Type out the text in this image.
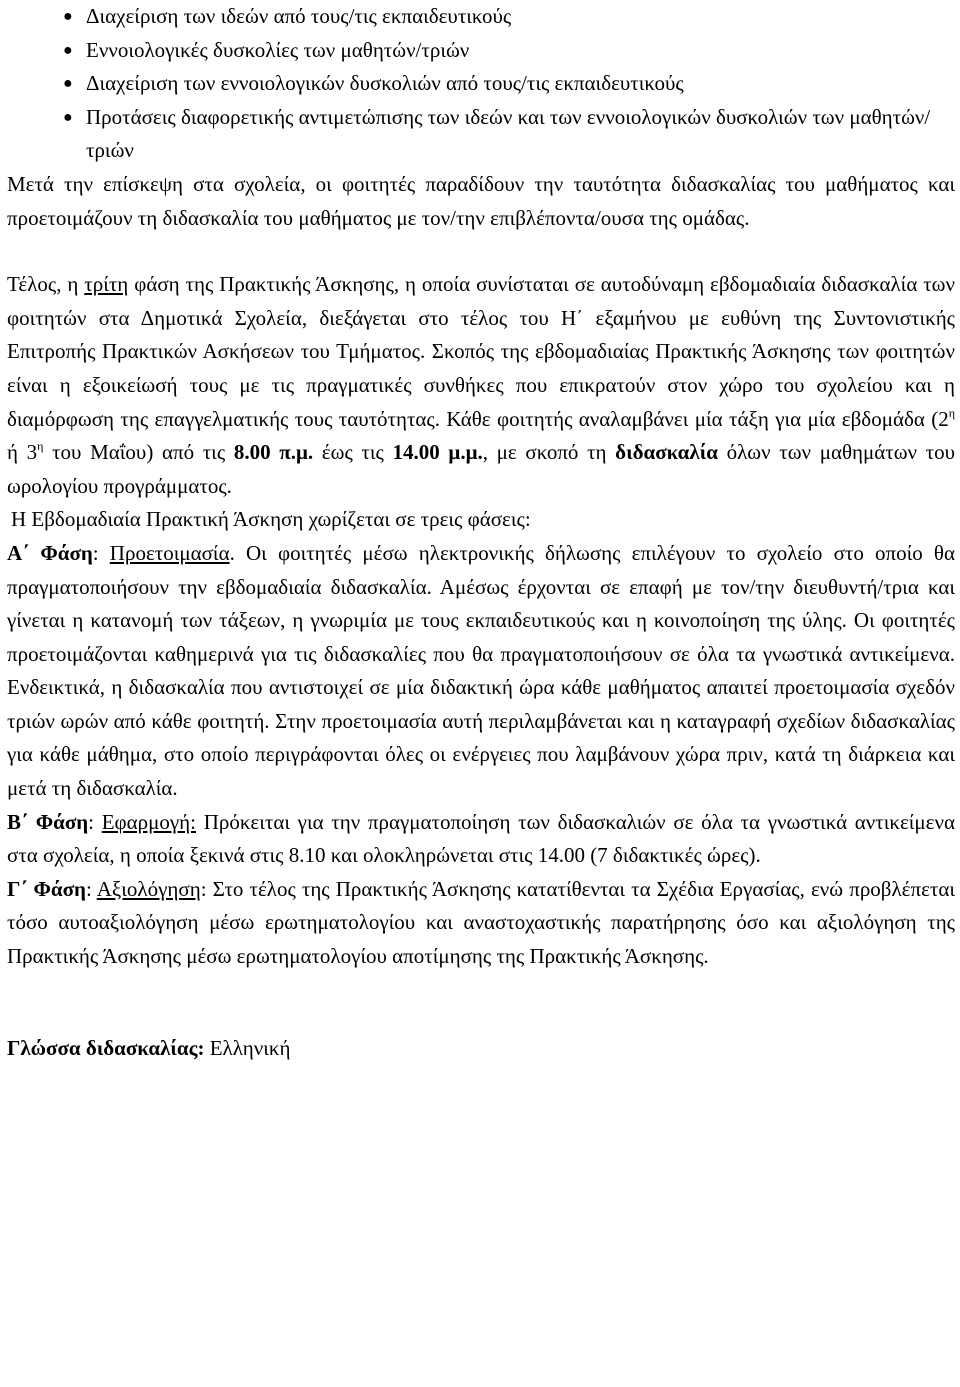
● Διαχείριση των ιδεών από τους/τις εκπαιδευτικούς
● Εννοιολογικές δυσκολίες των μαθητών/τριών
● Διαχείριση των εννοιολογικών δυσκολιών από τους/τις εκπαιδευτικούς
● Προτάσεις διαφορετικής αντιμετώπισης των ιδεών και των εννοιολογικών δυσκολιών των μαθητών/τριών

Μετά την επίσκεψη στα σχολεία, οι φοιτητές παραδίδουν την ταυτότητα διδασκαλίας του μαθήματος και προετοιμάζουν τη διδασκαλία του μαθήματος με τον/την επιβλέποντα/ουσα της ομάδας.

Τέλος, η τρίτη φάση της Πρακτικής Άσκησης, η οποία συνίσταται σε αυτοδύναμη εβδομαδιαία διδασκαλία των φοιτητών στα Δημοτικά Σχολεία, διεξάγεται στο τέλος του Η΄ εξαμήνου με ευθύνη της Συντονιστικής Επιτροπής Πρακτικών Ασκήσεων του Τμήματος. Σκοπός της εβδομαδιαίας Πρακτικής Άσκησης των φοιτητών είναι η εξοικείωσή τους με τις πραγματικές συνθήκες που επικρατούν στον χώρο του σχολείου και η διαμόρφωση της επαγγελματικής τους ταυτότητας. Κάθε φοιτητής αναλαμβάνει μία τάξη για μία εβδομάδα ($2^\eta$ ή $3^\eta$ του Μαΐου) από τις 8.00 π.μ. έως τις 14.00 μ.μ., με σκοπό τη διδασκαλία όλων των μαθημάτων του ωρολογίου προγράμματος.

Η Εβδομαδιαία Πρακτική Άσκηση χωρίζεται σε τρεις φάσεις:

Α΄ Φάση: Προετοιμασία. Οι φοιτητές μέσω ηλεκτρονικής δήλωσης επιλέγουν το σχολείο στο οποίο θα πραγματοποιήσουν την εβδομαδιαία διδασκαλία. Αμέσως έρχονται σε επαφή με τον/την διευθυντή/τρια και γίνεται η κατανομή των τάξεων, η γνωριμία με τους εκπαιδευτικούς και η κοινοποίηση της ύλης. Οι φοιτητές προετοιμάζονται καθημερινά για τις διδασκαλίες που θα πραγματοποιήσουν σε όλα τα γνωστικά αντικείμενα. Ενδεικτικά, η διδασκαλία που αντιστοιχεί σε μία διδακτική ώρα κάθε μαθήματος απαιτεί προετοιμασία σχεδόν τριών ωρών από κάθε φοιτητή. Στην προετοιμασία αυτή περιλαμβάνεται και η καταγραφή σχεδίων διδασκαλίας για κάθε μάθημα, στο οποίο περιγράφονται όλες οι ενέργειες που λαμβάνουν χώρα πριν, κατά τη διάρκεια και μετά τη διδασκαλία.

Β΄ Φάση: Εφαρμογή: Πρόκειται για την πραγματοποίηση των διδασκαλιών σε όλα τα γνωστικά αντικείμενα στα σχολεία, η οποία ξεκινά στις 8.10 και ολοκληρώνεται στις 14.00 (7 διδακτικές ώρες).

Γ΄ Φάση: Αξιολόγηση: Στο τέλος της Πρακτικής Άσκησης κατατίθενται τα Σχέδια Εργασίας, ενώ προβλέπεται τόσο αυτοαξιολόγηση μέσω ερωτηματολογίου και αναστοχαστικής παρατήρησης όσο και αξιολόγηση της Πρακτικής Άσκησης μέσω ερωτηματολογίου αποτίμησης της Πρακτικής Άσκησης.

Γλώσσα διδασκαλίας: Ελληνική
